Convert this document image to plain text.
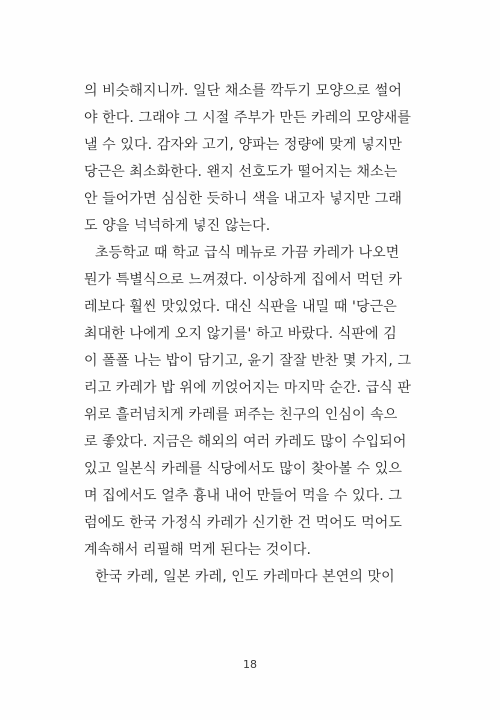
의 비슷해지니까. 일단 채소를 깍두기 모양으로 썰어
야 한다. 그래야 그 시절 주부가 만든 카레의 모양새를
낼 수 있다. 감자와 고기, 양파는 정량에 맞게 넣지만
당근은 최소화한다. 왠지 선호도가 떨어지는 채소는
안 들어가면 심심한 듯하니 색을 내고자 넣지만 그래
도 양을 넉넉하게 넣진 않는다.
초등학교 때 학교 급식 메뉴로 가끔 카레가 나오면
뭔가 특별식으로 느껴졌다. 이상하게 집에서 먹던 카
레보다 훨씬 맛있었다. 대신 식판을 내밀 때 '당근은
최대한 나에게 오지 않기를' 하고 바랐다. 식판에 김
이 폴폴 나는 밥이 담기고, 윤기 잘잘 반찬 몇 가지, 그
리고 카레가 밥 위에 끼얹어지는 마지막 순간. 급식 판
위로 흘러넘치게 카레를 퍼주는 친구의 인심이 속으
로 좋았다. 지금은 해외의 여러 카레도 많이 수입되어
있고 일본식 카레를 식당에서도 많이 찾아볼 수 있으
며 집에서도 얼추 흉내 내어 만들어 먹을 수 있다. 그
럼에도 한국 가정식 카레가 신기한 건 먹어도 먹어도
계속해서 리필해 먹게 된다는 것이다.
한국 카레, 일본 카레, 인도 카레마다 본연의 맛이
18
